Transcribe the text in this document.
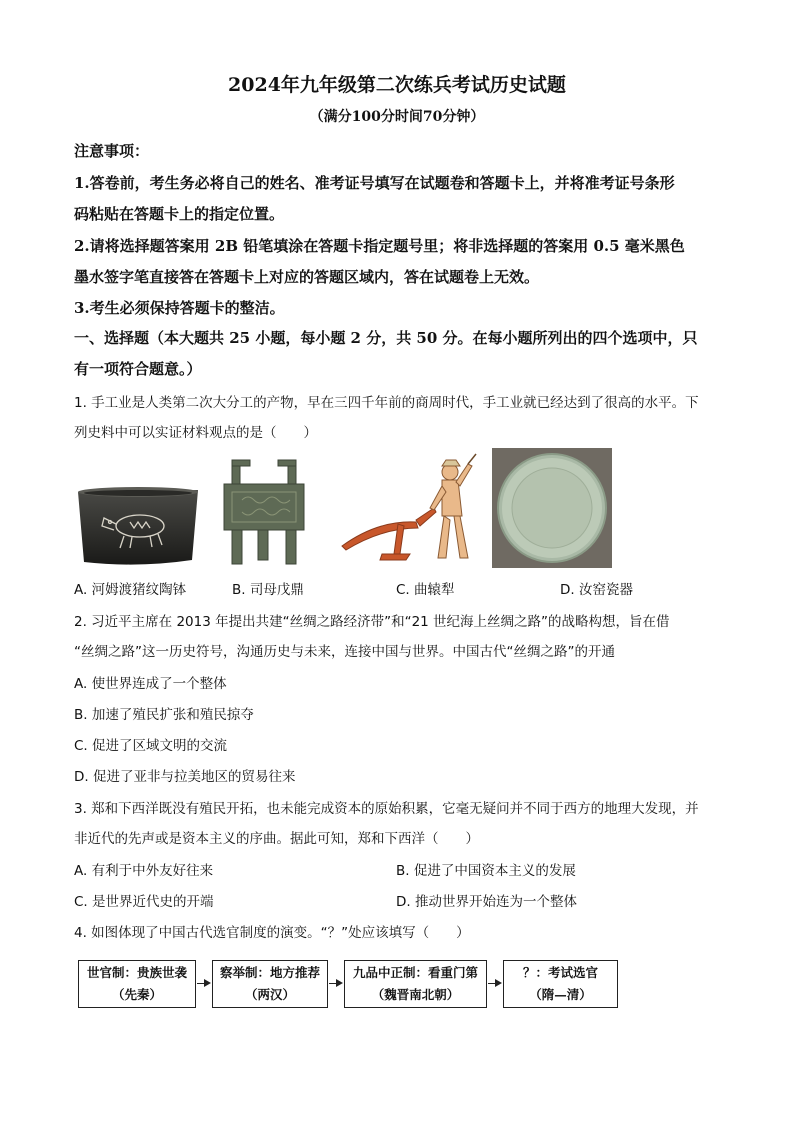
2024年九年级第二次练兵考试历史试题
（满分100分时间70分钟）
注意事项：
1.答卷前，考生务必将自己的姓名、准考证号填写在试题卷和答题卡上，并将准考证号条形
码粘贴在答题卡上的指定位置。
2.请将选择题答案用 2B 铅笔填涂在答题卡指定题号里；将非选择题的答案用 0.5 毫米黑色
墨水签字笔直接答在答题卡上对应的答题区域内，答在试题卷上无效。
3.考生必须保持答题卡的整洁。
一、选择题（本大题共 25 小题，每小题 2 分，共 50 分。在每小题所列出的四个选项中，只
有一项符合题意。）
1. 手工业是人类第二次大分工的产物，早在三四千年前的商周时代，手工业就已经达到了很高的水平。下
列史料中可以实证材料观点的是（　　）
A. 河姆渡猪纹陶钵	B. 司母戊鼎	C. 曲辕犁	D. 汝窑瓷器
2. 习近平主席在 2013 年提出共建“丝绸之路经济带”和“21 世纪海上丝绸之路”的战略构想，旨在借
“丝绸之路”这一历史符号，沟通历史与未来，连接中国与世界。中国古代“丝绸之路”的开通
A. 使世界连成了一个整体
B. 加速了殖民扩张和殖民掠夺
C. 促进了区域文明的交流
D. 促进了亚非与拉美地区的贸易往来
3. 郑和下西洋既没有殖民开拓，也未能完成资本的原始积累，它毫无疑问并不同于西方的地理大发现，并
非近代的先声或是资本主义的序曲。据此可知，郑和下西洋（　　）
A. 有利于中外友好往来	B. 促进了中国资本主义的发展
C. 是世界近代史的开端	D. 推动世界开始连为一个整体
4. 如图体现了中国古代选官制度的演变。“？”处应该填写（　　）
世官制：贵族世袭
（先秦）
察举制：地方推荐
（两汉）
九品中正制：看重门第
（魏晋南北朝）
？：考试选官
（隋—清）
